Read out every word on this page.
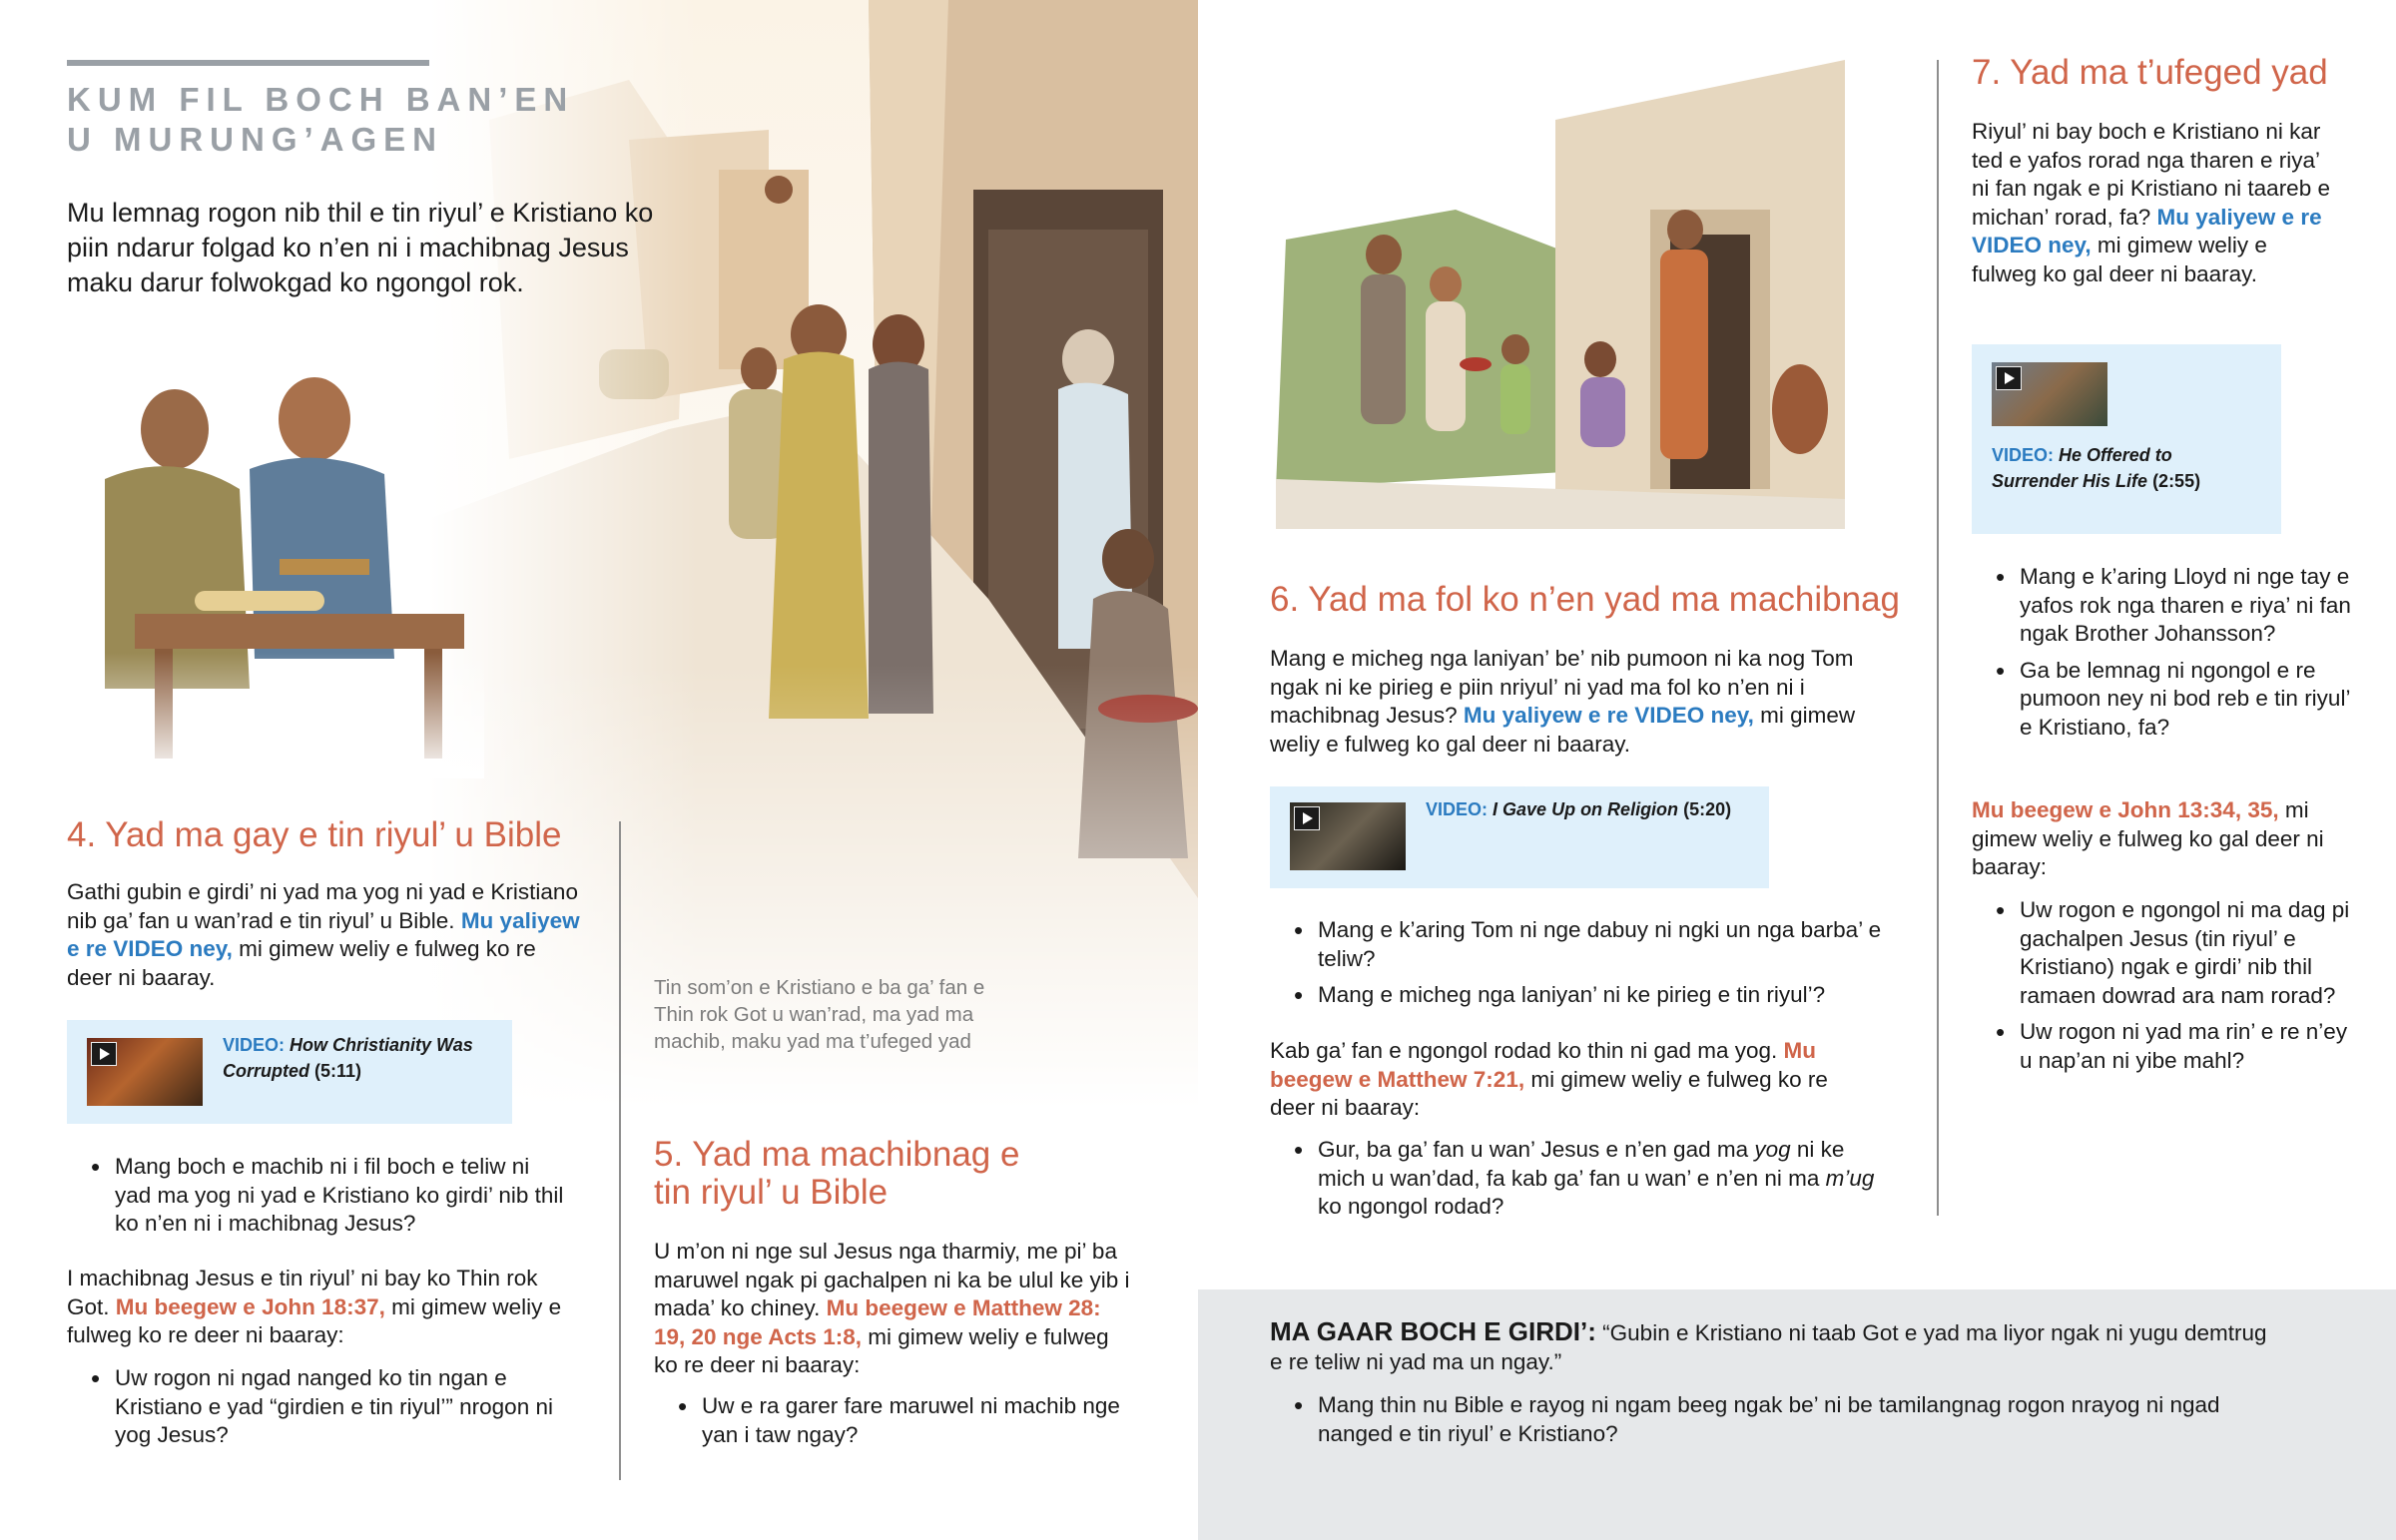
KUM FIL BOCH BAN’EN
U MURUNG’AGEN
Mu lemnag rogon nib thil e tin riyul’ e Kristiano ko piin ndarur folgad ko n’en ni i machibnag Jesus maku darur folwokgad ko ngongol rok.
Tin som’on e Kristiano e ba ga’ fan e Thin rok Got u wan’rad, ma yad ma machib, maku yad ma t’ufeged yad
4. Yad ma gay e tin riyul’ u Bible

Gathi gubin e girdi’ ni yad ma yog ni yad e Kristiano nib ga’ fan u wan’rad e tin riyul’ u Bible. Mu yaliyew e re VIDEO ney, mi gimew weliy e fulweg ko re deer ni baaray.

VIDEO: How Christianity Was Corrupted (5:11)
• Mang boch e machib ni i fil boch e teliw ni yad ma yog ni yad e Kristiano ko girdi’ nib thil ko n’en ni i machibnag Jesus?

I machibnag Jesus e tin riyul’ ni bay ko Thin rok Got. Mu beegew e John 18:37, mi gimew weliy e fulweg ko re deer ni baaray:

• Uw rogon ni ngad nanged ko tin ngan e Kristiano e yad “girdien e tin riyul’” nrogon ni yog Jesus?
5. Yad ma machibnag e
tin riyul’ u Bible

U m’on ni nge sul Jesus nga tharmiy, me pi’ ba maruwel ngak pi gachalpen ni ka be ulul ke yib i mada’ ko chiney. Mu beegew e Matthew 28: 19, 20 nge Acts 1:8, mi gimew weliy e fulweg ko re deer ni baaray:

• Uw e ra garer fare maruwel ni machib nge yan i taw ngay?
6. Yad ma fol ko n’en yad ma machibnag

Mang e micheg nga laniyan’ be’ nib pumoon ni ka nog Tom ngak ni ke pirieg e piin nriyul’ ni yad ma fol ko n’en ni i machibnag Jesus? Mu yaliyew e re VIDEO ney, mi gimew weliy e fulweg ko gal deer ni baaray.

VIDEO: I Gave Up on Religion (5:20)
• Mang e k’aring Tom ni nge dabuy ni ngki un nga barba’ e teliw?
• Mang e micheg nga laniyan’ ni ke pirieg e tin riyul’?

Kab ga’ fan e ngongol rodad ko thin ni gad ma yog. Mu beegew e Matthew 7:21, mi gimew weliy e fulweg ko re deer ni baaray:

• Gur, ba ga’ fan u wan’ Jesus e n’en gad ma yog ni ke mich u wan’dad, fa kab ga’ fan u wan’ e n’en ni ma m’ug ko ngongol rodad?
7. Yad ma t’ufeged yad

Riyul’ ni bay boch e Kristiano ni kar ted e yafos rorad nga tharen e riya’ ni fan ngak e pi Kristiano ni taareb e michan’ rorad, fa? Mu yaliyew e re VIDEO ney, mi gimew weliy e fulweg ko gal deer ni baaray.

VIDEO: He Offered to Surrender His Life (2:55)
• Mang e k’aring Lloyd ni nge tay e yafos rok nga tharen e riya’ ni fan ngak Brother Johansson?
• Ga be lemnag ni ngongol e re pumoon ney ni bod reb e tin riyul’ e Kristiano, fa?

Mu beegew e John 13:34, 35, mi gimew weliy e fulweg ko gal deer ni baaray:

• Uw rogon e ngongol ni ma dag pi gachalpen Jesus (tin riyul’ e Kristiano) ngak e girdi’ nib thil ramaen dowrad ara nam rorad?
• Uw rogon ni yad ma rin’ e re n’ey u nap’an ni yibe mahl?

MA GAAR BOCH E GIRDI’: “Gubin e Kristiano ni taab Got e yad ma liyor ngak ni yugu demtrug e re teliw ni yad ma un ngay.”

• Mang thin nu Bible e rayog ni ngam beeg ngak be’ ni be tamilangnag rogon nrayog ni ngad nanged e tin riyul’ e Kristiano?
